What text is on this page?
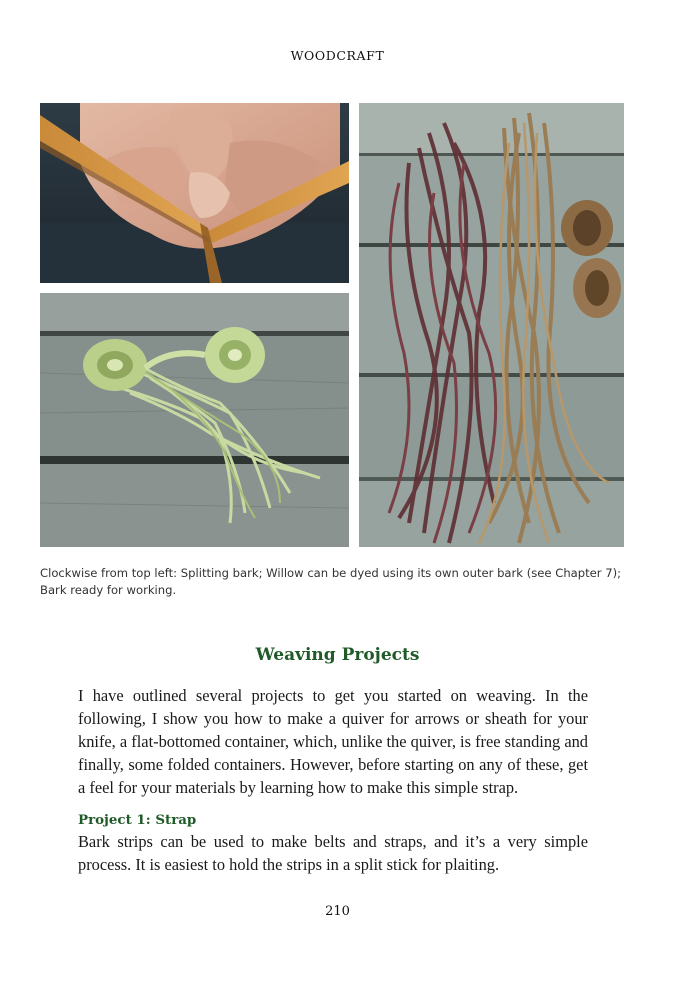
WOODCRAFT
Clockwise from top left: Splitting bark; Willow can be dyed using its own outer bark (see Chapter 7); Bark ready for working.
Weaving Projects
I have outlined several projects to get you started on weaving. In the following, I show you how to make a quiver for arrows or sheath for your knife, a flat-bottomed container, which, unlike the quiver, is free standing and finally, some folded containers. However, before starting on any of these, get a feel for your materials by learning how to make this simple strap.
Project 1: Strap
Bark strips can be used to make belts and straps, and it’s a very simple process. It is easiest to hold the strips in a split stick for plaiting.
210
